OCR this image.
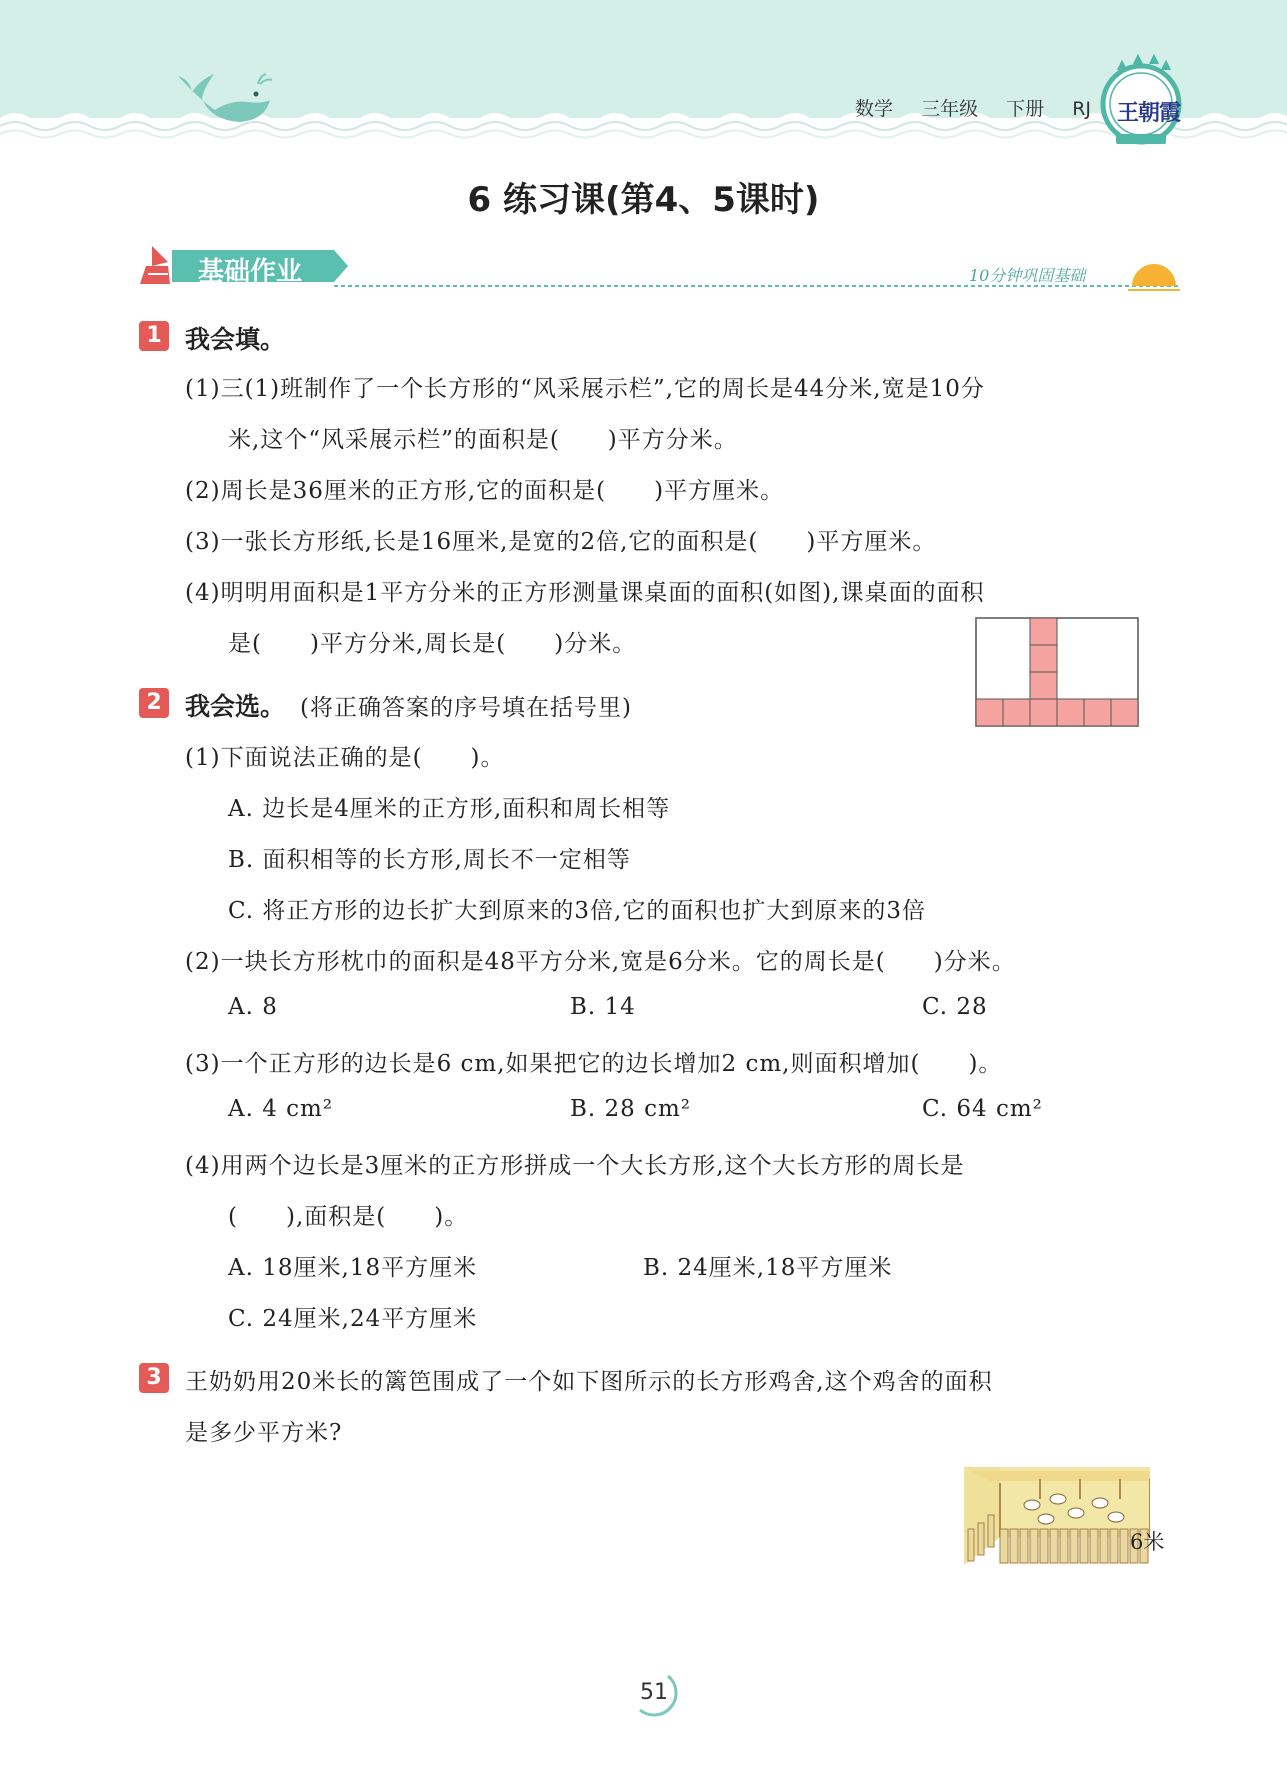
数学 三年级 下册 RJ	王朝霞
6 练习课(第4、5课时)
基础作业	10分钟巩固基础
1 我会填。
(1)三(1)班制作了一个长方形的“风采展示栏”,它的周长是44分米,宽是10分
米,这个“风采展示栏”的面积是(　　)平方分米。
(2)周长是36厘米的正方形,它的面积是(　　)平方厘米。
(3)一张长方形纸,长是16厘米,是宽的2倍,它的面积是(　　)平方厘米。
(4)明明用面积是1平方分米的正方形测量课桌面的面积(如图),课桌面的面积
是(　　)平方分米,周长是(　　)分米。
2 我会选。 (将正确答案的序号填在括号里)
(1)下面说法正确的是(　　)。
A. 边长是4厘米的正方形,面积和周长相等
B. 面积相等的长方形,周长不一定相等
C. 将正方形的边长扩大到原来的3倍,它的面积也扩大到原来的3倍
(2)一块长方形枕巾的面积是48平方分米,宽是6分米。它的周长是(　　)分米。
A. 8	B. 14	C. 28
(3)一个正方形的边长是6 cm,如果把它的边长增加2 cm,则面积增加(　　)。
A. 4 cm²	B. 28 cm²	C. 64 cm²
(4)用两个边长是3厘米的正方形拼成一个大长方形,这个大长方形的周长是
(　　),面积是(　　)。
A. 18厘米,18平方厘米	B. 24厘米,18平方厘米
C. 24厘米,24平方厘米
3	王奶奶用20米长的篱笆围成了一个如下图所示的长方形鸡舍,这个鸡舍的面积
是多少平方米?
6米
51
